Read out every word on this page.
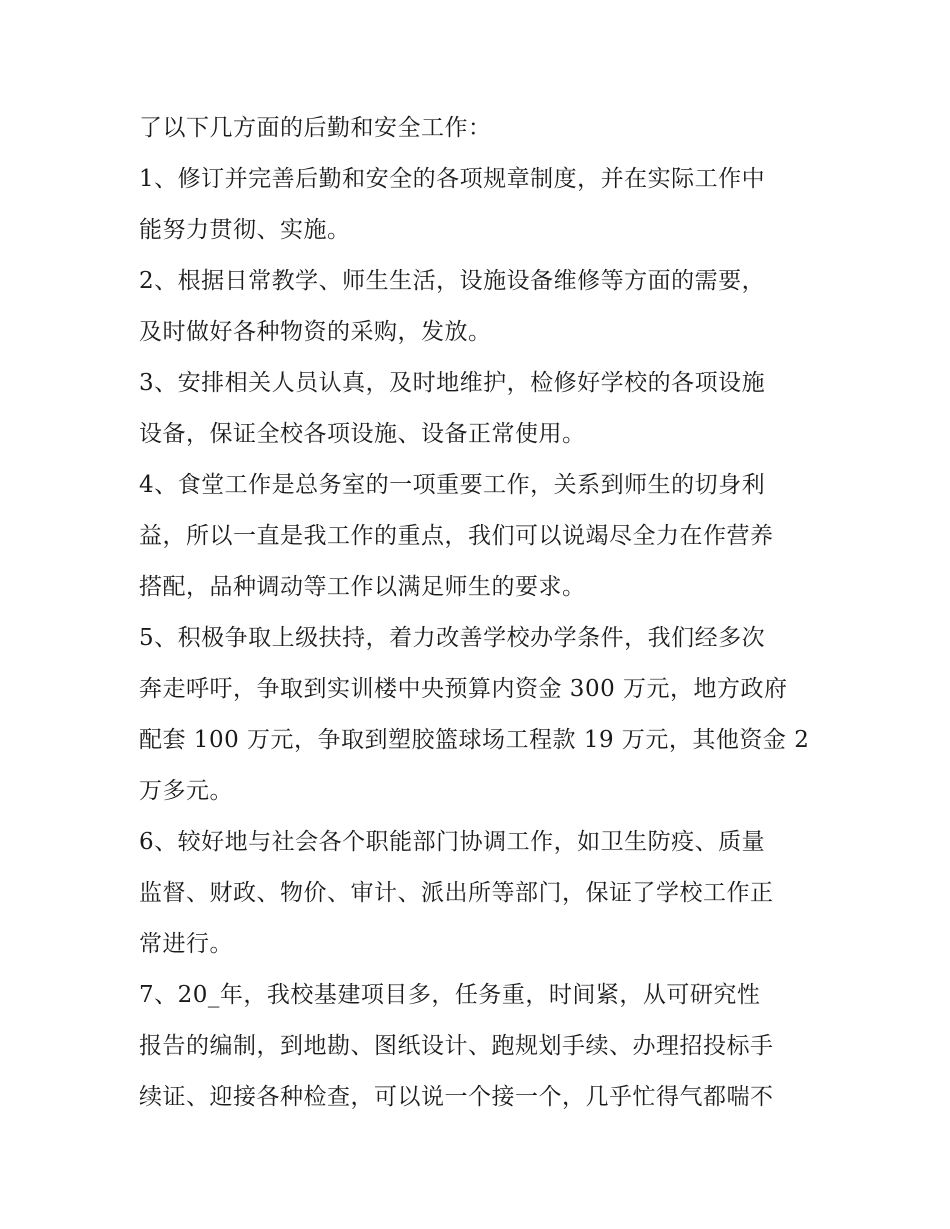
了以下几方面的后勤和安全工作：

1、修订并完善后勤和安全的各项规章制度，并在实际工作中
能努力贯彻、实施。

2、根据日常教学、师生生活，设施设备维修等方面的需要，
及时做好各种物资的采购，发放。

3、安排相关人员认真，及时地维护，检修好学校的各项设施
设备，保证全校各项设施、设备正常使用。

4、食堂工作是总务室的一项重要工作，关系到师生的切身利
益，所以一直是我工作的重点，我们可以说竭尽全力在作营养
搭配，品种调动等工作以满足师生的要求。

5、积极争取上级扶持，着力改善学校办学条件，我们经多次
奔走呼吁，争取到实训楼中央预算内资金 300 万元，地方政府
配套 100 万元，争取到塑胶篮球场工程款 19 万元，其他资金 2
万多元。

6、较好地与社会各个职能部门协调工作，如卫生防疫、质量
监督、财政、物价、审计、派出所等部门，保证了学校工作正
常进行。

7、20_年，我校基建项目多，任务重，时间紧，从可研究性
报告的编制，到地勘、图纸设计、跑规划手续、办理招投标手
续证、迎接各种检查，可以说一个接一个，几乎忙得气都喘不
